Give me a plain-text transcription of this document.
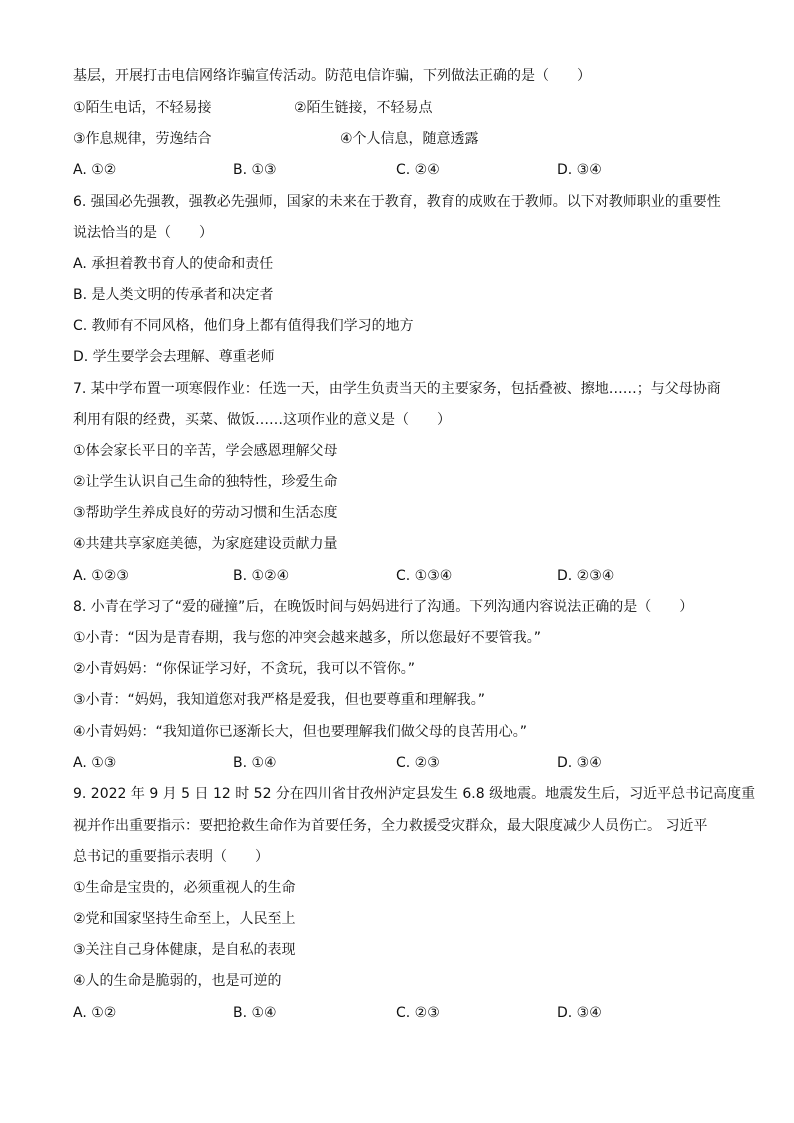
基层，开展打击电信网络诈骗宣传活动。防范电信诈骗，下列做法正确的是（　　）
①陌生电话，不轻易接	②陌生链接，不轻易点
③作息规律，劳逸结合	④个人信息，随意透露
A. ①②	B. ①③	C. ②④	D. ③④
6. 强国必先强教，强教必先强师，国家的未来在于教育，教育的成败在于教师。以下对教师职业的重要性
说法恰当的是（　　）
A. 承担着教书育人的使命和责任
B. 是人类文明的传承者和决定者
C. 教师有不同风格，他们身上都有值得我们学习的地方
D. 学生要学会去理解、尊重老师
7. 某中学布置一项寒假作业：任选一天，由学生负责当天的主要家务，包括叠被、擦地……；与父母协商
利用有限的经费，买菜、做饭……这项作业的意义是（　　）
①体会家长平日的辛苦，学会感恩理解父母
②让学生认识自己生命的独特性，珍爱生命
③帮助学生养成良好的劳动习惯和生活态度
④共建共享家庭美德，为家庭建设贡献力量
A. ①②③	B. ①②④	C. ①③④	D. ②③④
8. 小青在学习了“爱的碰撞”后，在晚饭时间与妈妈进行了沟通。下列沟通内容说法正确的是（　　）
①小青：“因为是青春期，我与您的冲突会越来越多，所以您最好不要管我。”
②小青妈妈：“你保证学习好，不贪玩，我可以不管你。”
③小青：“妈妈，我知道您对我严格是爱我，但也要尊重和理解我。”
④小青妈妈：“我知道你已逐渐长大，但也要理解我们做父母的良苦用心。”
A. ①③	B. ①④	C. ②③	D. ③④
9. 2022 年 9 月 5 日 12 时 52 分在四川省甘孜州泸定县发生 6.8 级地震。地震发生后，习近平总书记高度重
视并作出重要指示：要把抢救生命作为首要任务，全力救援受灾群众，最大限度减少人员伤亡。 习近平
总书记的重要指示表明（　　）
①生命是宝贵的，必须重视人的生命
②党和国家坚持生命至上，人民至上
③关注自己身体健康，是自私的表现
④人的生命是脆弱的，也是可逆的
A. ①②	B. ①④	C. ②③	D. ③④
